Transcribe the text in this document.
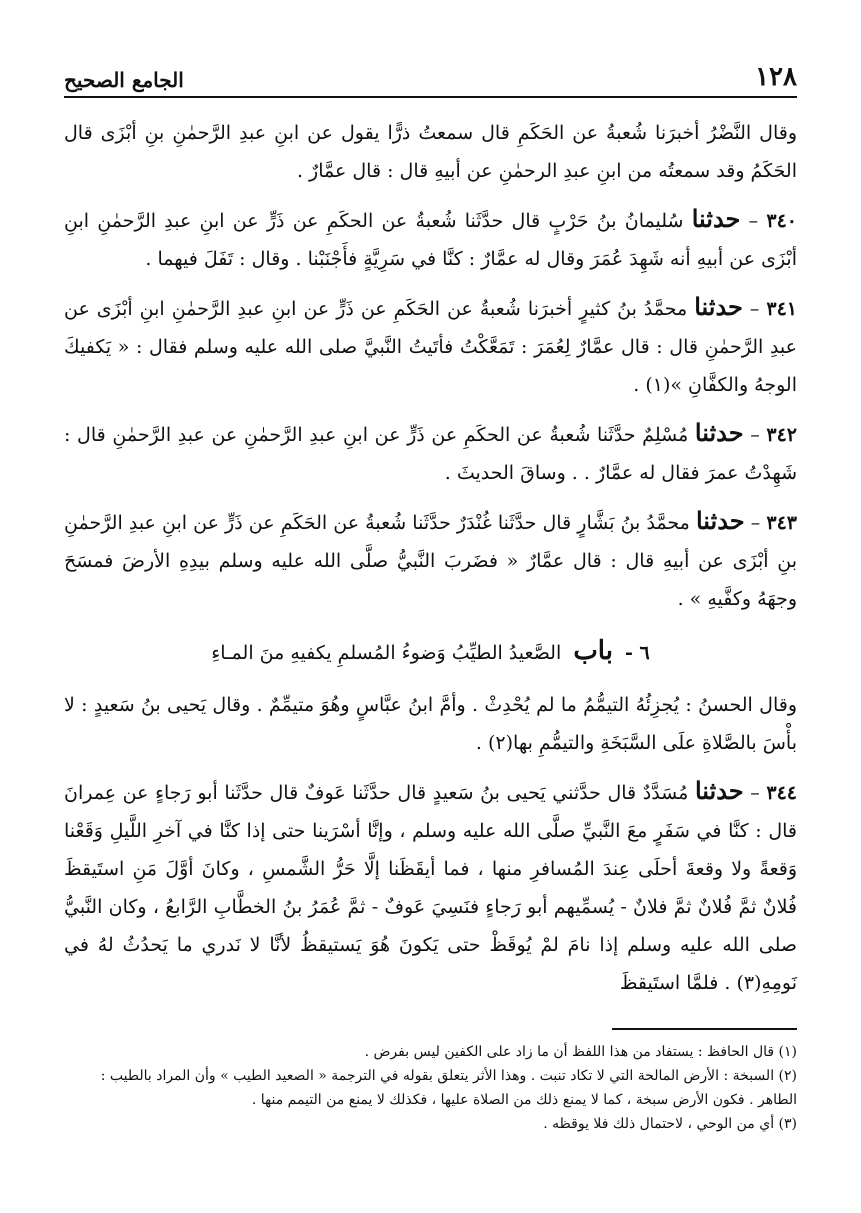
١٢٨
الجامع الصحيح

وقال النَّضْرُ أخبرَنا شُعبةُ عن الحَكَمِ قال سمعتُ ذرًّا يقول عن ابنِ عبدِ الرَّحمٰنِ بنِ أبْزَى قال الحَكَمُ وقد سمعتُه من ابنِ عبدِ الرحمٰنِ عن أبيهِ قال : قال عمَّارٌ .

٣٤٠ – حدثنا سُليمانُ بنُ حَرْبٍ قال حدَّثَنا شُعبةُ عن الحكَمِ عن ذَرٍّ عن ابنِ عبدِ الرَّحمٰنِ ابنِ أبْزَى عن أبيهِ أنه شَهِدَ عُمَرَ وقال له عمَّارٌ : كنَّا في سَرِيَّةٍ فأَجْنَبْنا . وقال : تَفَلَ فيهما .

٣٤١ – حدثنا محمَّدُ بنُ كثيرٍ أخبرَنا شُعبةُ عن الحَكَمِ عن ذَرٍّ عن ابنِ عبدِ الرَّحمٰنِ ابنِ أبْزَى عن عبدِ الرَّحمٰنِ قال : قال عمَّارٌ لِعُمَرَ : تَمَعَّكْتُ فأتَيتُ النَّبيَّ صلى الله عليه وسلم فقال : « يَكفيكَ الوجهُ والكفَّانِ »(١) .

٣٤٢ – حدثنا مُسْلِمٌ حدَّثَنا شُعبةُ عن الحكَمِ عن ذَرٍّ عن ابنِ عبدِ الرَّحمٰنِ عن عبدِ الرَّحمٰنِ قال : شَهِدْتُ عمرَ فقال له عمَّارٌ . . وساقَ الحديثَ .

٣٤٣ – حدثنا محمَّدُ بنُ بَشَّارٍ قال حدَّثَنا غُنْدَرٌ حدَّثَنا شُعبةُ عن الحَكَمِ عن ذَرٍّ عن ابنِ عبدِ الرَّحمٰنِ بنِ أبْزَى عن أبيهِ قال : قال عمَّارٌ « فضَربَ النَّبيُّ صلَّى الله عليه وسلم بيدِهِ الأرضَ فمسَحَ وجهَهُ وكفَّيهِ » .

٦ - باب الصَّعيدُ الطيِّبُ وَضوءُ المُسلمِ يكفيهِ منَ المـاءِ

وقال الحسنُ : يُجزِئُهُ التيمُّمُ ما لم يُحْدِثْ . وأمَّ ابنُ عبَّاسٍ وهُوَ متيمِّمٌ . وقال يَحيى بنُ سَعيدٍ : لا بأْسَ بالصَّلاةِ علَى السَّبَخَةِ والتيمُّمِ بها(٢) .

٣٤٤ – حدثنا مُسَدَّدٌ قال حدَّثني يَحيى بنُ سَعيدٍ قال حدَّثَنا عَوفٌ قال حدَّثَنا أبو رَجاءٍ عن عِمرانَ قال : كنَّا في سَفَرٍ معَ النَّبيِّ صلَّى الله عليه وسلم ، وإنَّا أسْرَينا حتى إذا كنَّا في آخرِ اللَّيلِ وَقَعْنا وَقعةً ولا وقعةَ أحلَى عِندَ المُسافرِ منها ، فما أيقَظَنا إلَّا حَرُّ الشَّمسِ ، وكانَ أوَّلَ مَنِ استَيقظَ فُلانٌ ثمَّ فُلانٌ ثمَّ فلانٌ - يُسمِّيهم أبو رَجاءٍ فنَسِيَ عَوفٌ - ثمَّ عُمَرُ بنُ الخطَّابِ الرَّابعُ ، وكان النَّبيُّ صلى الله عليه وسلم إذا نامَ لمْ يُوقَظْ حتى يَكونَ هُوَ يَستيقظُ لأنَّا لا نَدري ما يَحدُثُ لهُ في نَومِهِ(٣) . فلمَّا استَيقظَ

(١) قال الحافظ : يستفاد من هذا اللفظ أن ما زاد على الكفين ليس بفرض .

(٢) السبخة : الأرض المالحة التي لا تكاد تنبت . وهذا الأثر يتعلق بقوله في الترجمة « الصعيد الطيب » وأن المراد بالطيب : الطاهر . فكون الأرض سبخة ، كما لا يمنع ذلك من الصلاة عليها ، فكذلك لا يمنع من التيمم منها .

(٣) أي من الوحي ، لاحتمال ذلك فلا يوقظه .
